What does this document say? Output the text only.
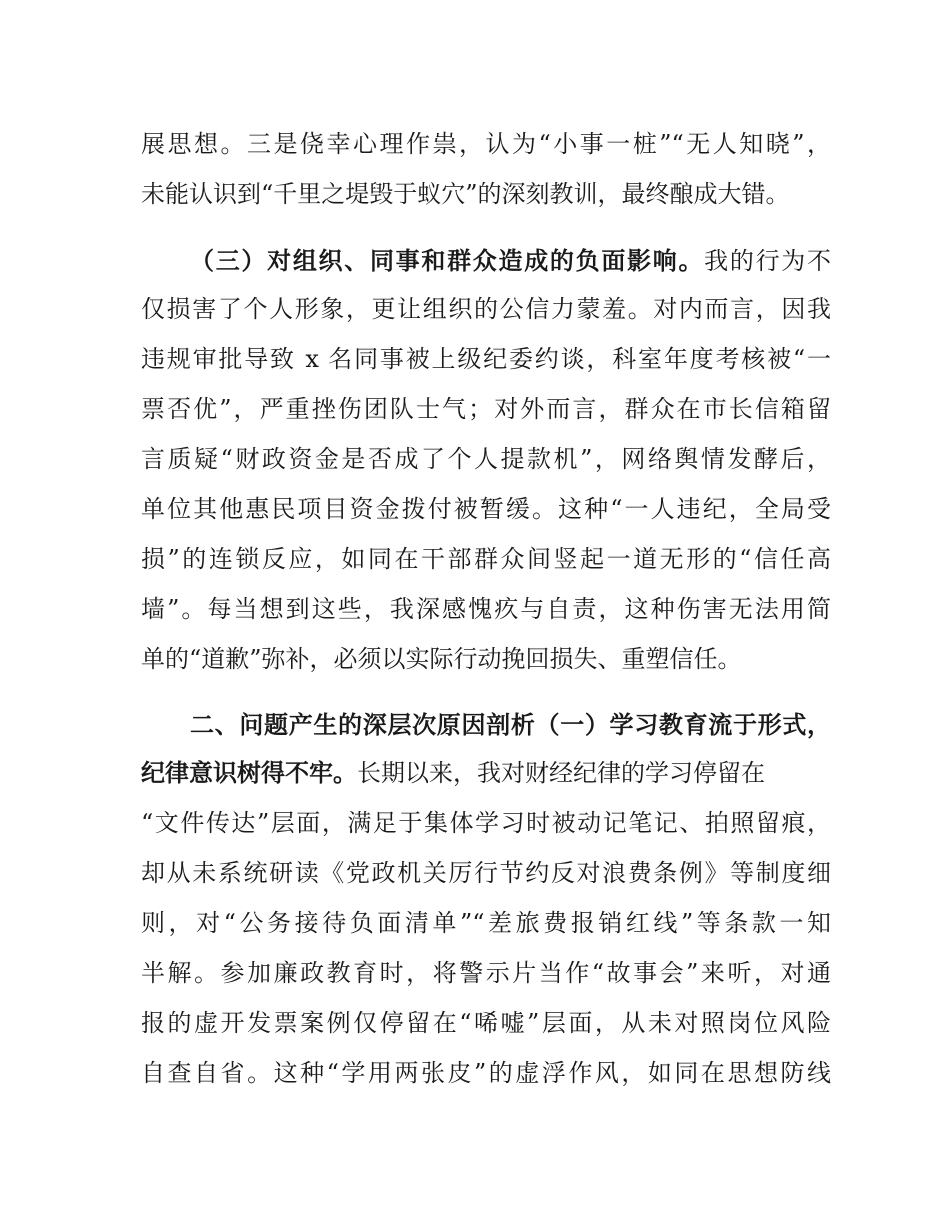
展思想。三是侥幸心理作祟，认为“小事一桩”“无人知晓”，
未能认识到“千里之堤毁于蚁穴”的深刻教训，最终酿成大错。
（三）对组织、同事和群众造成的负面影响。我的行为不
仅损害了个人形象，更让组织的公信力蒙羞。对内而言，因我
违规审批导致 x 名同事被上级纪委约谈，科室年度考核被“一
票否优”，严重挫伤团队士气；对外而言，群众在市长信箱留
言质疑“财政资金是否成了个人提款机”，网络舆情发酵后，
单位其他惠民项目资金拨付被暂缓。这种“一人违纪，全局受
损”的连锁反应，如同在干部群众间竖起一道无形的“信任高
墙”。每当想到这些，我深感愧疚与自责，这种伤害无法用简
单的“道歉”弥补，必须以实际行动挽回损失、重塑信任。
二、问题产生的深层次原因剖析（一）学习教育流于形式，
纪律意识树得不牢。长期以来，我对财经纪律的学习停留在
“文件传达”层面，满足于集体学习时被动记笔记、拍照留痕，
却从未系统研读《党政机关厉行节约反对浪费条例》等制度细
则，对“公务接待负面清单”“差旅费报销红线”等条款一知
半解。参加廉政教育时，将警示片当作“故事会”来听，对通
报的虚开发票案例仅停留在“唏嘘”层面，从未对照岗位风险
自查自省。这种“学用两张皮”的虚浮作风，如同在思想防线
